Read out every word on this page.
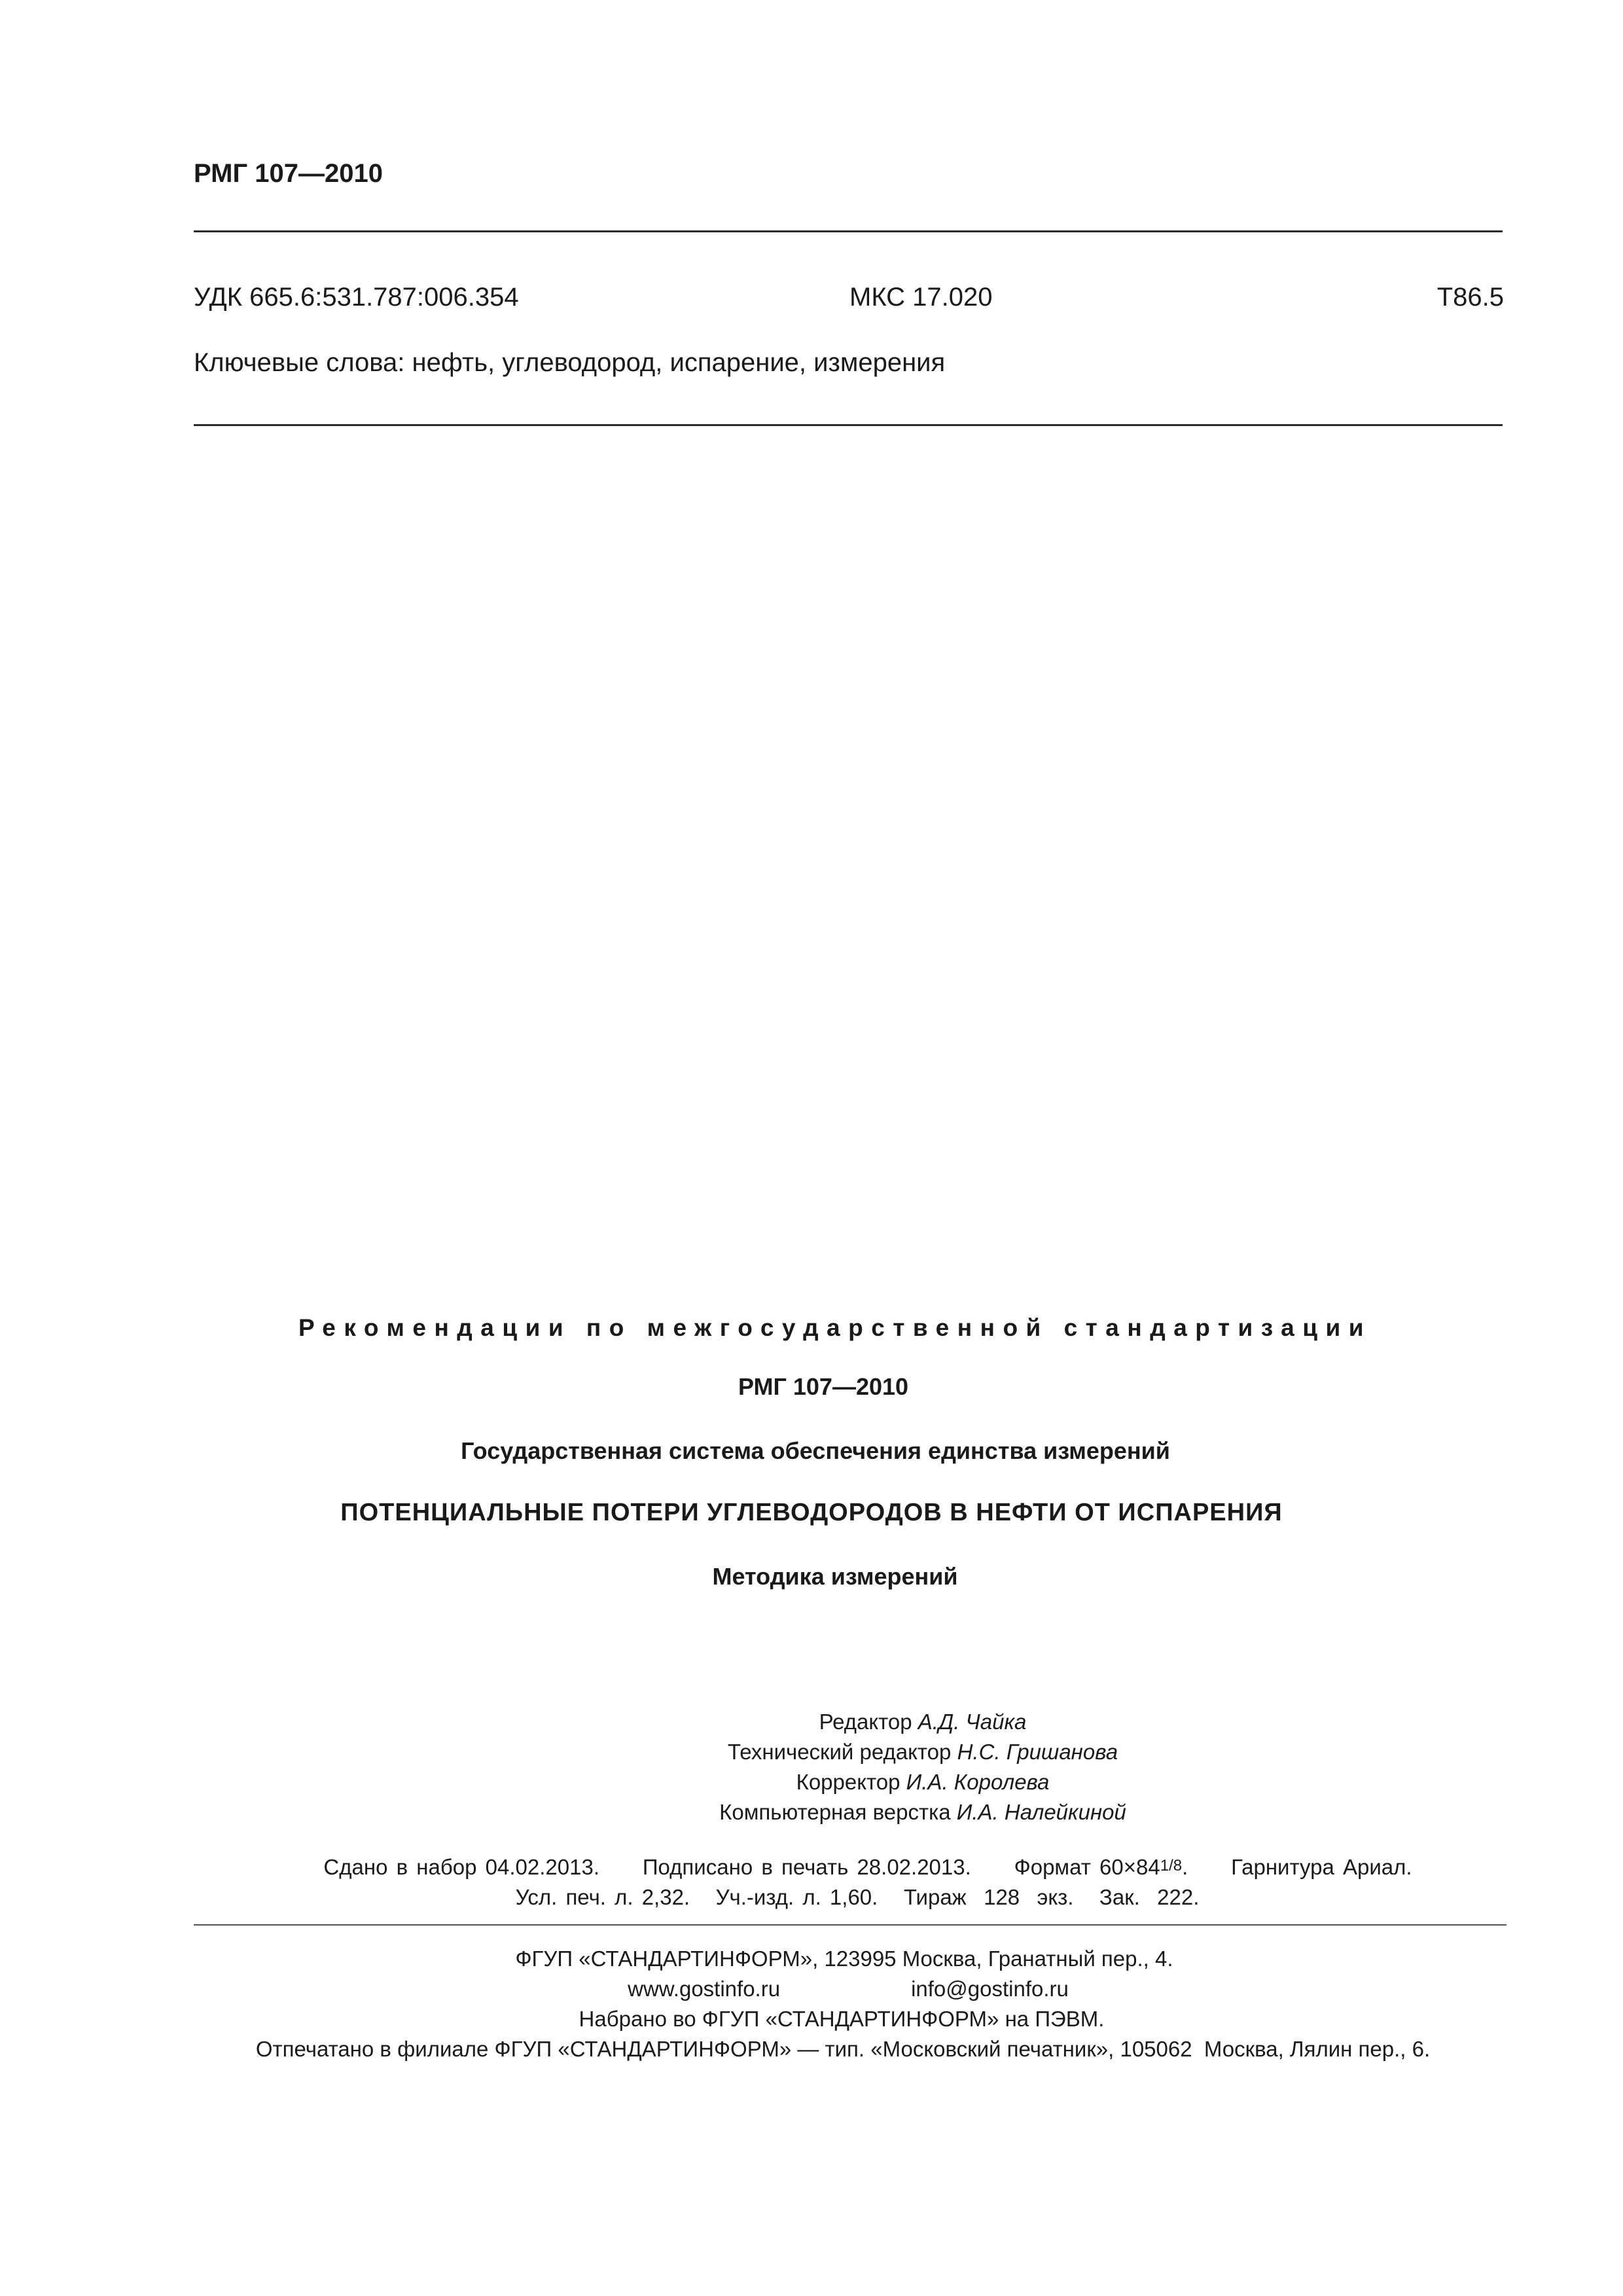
РМГ 107—2010
УДК 665.6:531.787:006.354	МКС 17.020	Т86.5
Ключевые слова: нефть, углеводород, испарение, измерения
Рекомендации по межгосударственной стандартизации
РМГ 107—2010
Государственная система обеспечения единства измерений
ПОТЕНЦИАЛЬНЫЕ ПОТЕРИ УГЛЕВОДОРОДОВ В НЕФТИ ОТ ИСПАРЕНИЯ
Методика измерений
Редактор А.Д. Чайка
Технический редактор Н.С. Гришанова
Корректор И.А. Королева
Компьютерная верстка И.А. Налейкиной
Сдано в набор 04.02.2013.     Подписано в печать 28.02.2013.     Формат 60×841/8.     Гарнитура Ариал.
Усл. печ. л. 2,32.   Уч.-изд. л. 1,60.   Тираж  128  экз.   Зак.  222.
ФГУП «СТАНДАРТИНФОРМ», 123995 Москва, Гранатный пер., 4.
www.gostinfo.ru	info@gostinfo.ru
Набрано во ФГУП «СТАНДАРТИНФОРМ» на ПЭВМ.
Отпечатано в филиале ФГУП «СТАНДАРТИНФОРМ» — тип. «Московский печатник», 105062  Москва, Лялин пер., 6.
